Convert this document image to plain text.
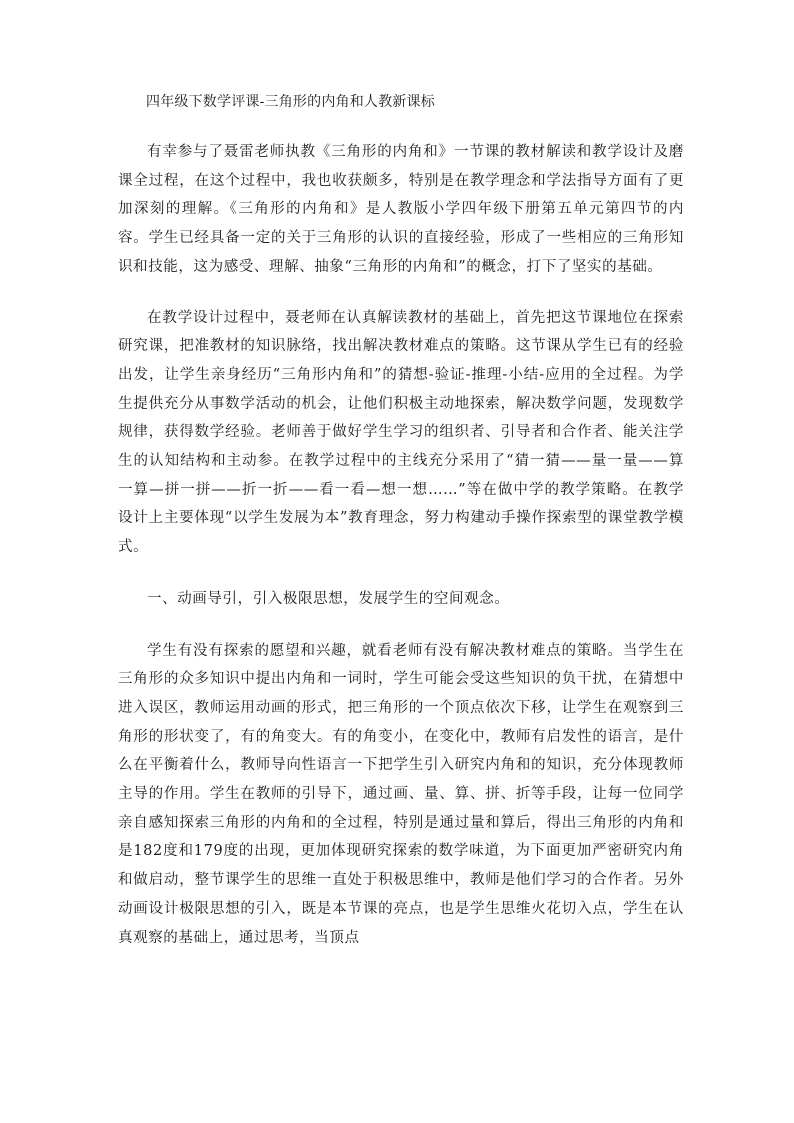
四年级下数学评课-三角形的内角和人教新课标

有幸参与了聂雷老师执教《三角形的内角和》一节课的教材解读和教学设计及磨课全过程，在这个过程中，我也收获颇多，特别是在教学理念和学法指导方面有了更加深刻的理解。《三角形的内角和》是人教版小学四年级下册第五单元第四节的内容。学生已经具备一定的关于三角形的认识的直接经验，形成了一些相应的三角形知识和技能，这为感受、理解、抽象“三角形的内角和”的概念，打下了坚实的基础。

在教学设计过程中，聂老师在认真解读教材的基础上，首先把这节课地位在探索研究课，把准教材的知识脉络，找出解决教材难点的策略。这节课从学生已有的经验出发，让学生亲身经历“三角形内角和”的猜想-验证-推理-小结-应用的全过程。为学生提供充分从事数学活动的机会，让他们积极主动地探索，解决数学问题，发现数学规律，获得数学经验。老师善于做好学生学习的组织者、引导者和合作者、能关注学生的认知结构和主动参。在教学过程中的主线充分采用了“猜一猜——量一量——算一算—拼一拼——折一折——看一看—想一想……”等在做中学的教学策略。在教学设计上主要体现“以学生发展为本”教育理念，努力构建动手操作探索型的课堂教学模式。

一、动画导引，引入极限思想，发展学生的空间观念。

学生有没有探索的愿望和兴趣，就看老师有没有解决教材难点的策略。当学生在三角形的众多知识中提出内角和一词时，学生可能会受这些知识的负干扰，在猜想中进入误区，教师运用动画的形式，把三角形的一个顶点依次下移，让学生在观察到三角形的形状变了，有的角变大。有的角变小，在变化中，教师有启发性的语言，是什么在平衡着什么，教师导向性语言一下把学生引入研究内角和的知识，充分体现教师主导的作用。学生在教师的引导下，通过画、量、算、拼、折等手段，让每一位同学亲自感知探索三角形的内角和的全过程，特别是通过量和算后，得出三角形的内角和是182度和179度的出现，更加体现研究探索的数学味道，为下面更加严密研究内角和做启动，整节课学生的思维一直处于积极思维中，教师是他们学习的合作者。另外动画设计极限思想的引入，既是本节课的亮点，也是学生思维火花切入点，学生在认真观察的基础上，通过思考，当顶点
